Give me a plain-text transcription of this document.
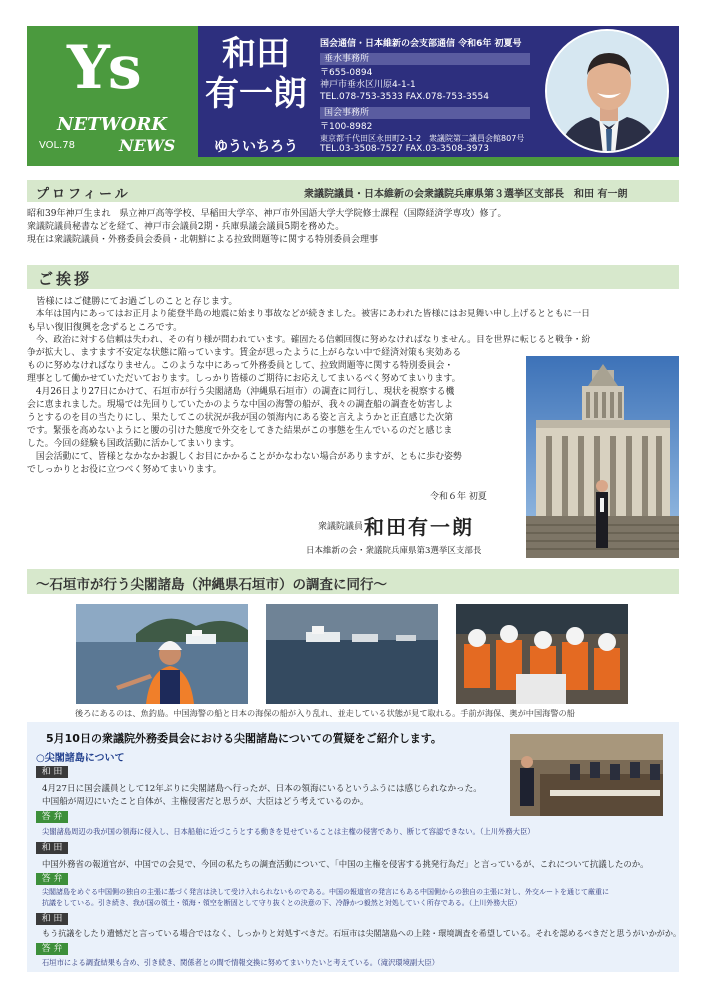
Ys
NETWORK
VOL.78	NEWS
和田
有一朗
ゆういちろう
国会通信・日本維新の会支部通信 令和6年 初夏号
垂水事務所
〒655-0894
神戸市垂水区川原4-1-1
TEL.078-753-3533 FAX.078-753-3554
国会事務所
〒100-8982
東京都千代田区永田町2-1-2　衆議院第二議員会館807号
TEL.03-3508-7527 FAX.03-3508-3973
プロフィール	衆議院議員・日本維新の会衆議院兵庫県第３選挙区支部長　和田 有一朗
昭和39年神戸生まれ　県立神戸高等学校、早稲田大学卒、神戸市外国語大学大学院修士課程（国際経済学専攻）修了。
衆議院議員秘書などを経て、神戸市会議員2期・兵庫県議会議員5期を務めた。
現在は衆議院議員・外務委員会委員・北朝鮮による拉致問題等に関する特別委員会理事
ご挨拶
　皆様にはご健勝にてお過ごしのことと存じます。
　本年は国内にあってはお正月より能登半島の地震に始まり事故などが続きました。被害にあわれた皆様にはお見舞い申し上げるとともに一日
も早い復旧復興を念ずるところです。
　今、政治に対する信頼は失われ、その有り様が問われています。確固たる信頼回復に努めなければなりません。目を世界に転じると戦争・紛
争が拡大し、ますます不安定な状態に陥っています。賃金が思ったように上がらない中で経済対策も実効ある
ものに努めなければなりません。このような中にあって外務委員として、拉致問題等に関する特別委員会・
理事として働かせていただいております。しっかり皆様のご期待にお応えしてまいるべく努めてまいります。
　4月26日より27日にかけて、石垣市が行う尖閣諸島（沖縄県石垣市）の調査に同行し、現状を視察する機
会に恵まれました。現場では先回りしていたかのような中国の海警の船が、我々の調査船の調査を妨害しよ
うとするのを目の当たりにし、果たしてこの状況が我が国の領海内にある姿と言えようかと正直感じた次第
です。緊張を高めないようにと腰の引けた態度で外交をしてきた結果がこの事態を生んでいるのだと感じま
した。今回の経験も国政活動に活かしてまいります。
　国会活動にて、皆様となかなかお親しくお目にかかることがかなわない場合がありますが、ともに歩む姿勢
でしっかりとお役に立つべく努めてまいります。
令和６年 初夏
衆議院議員 和田有一朗
日本維新の会・衆議院兵庫県第3選挙区支部長
〜石垣市が行う尖閣諸島（沖縄県石垣市）の調査に同行〜
後ろにあるのは、魚釣島。中国海警の船と日本の海保の船が入り乱れ、並走している状態が見て取れる。手前が海保、奥が中国海警の船
5月10日の衆議院外務委員会における尖閣諸島についての質疑をご紹介します。
○尖閣諸島について
和 田
4月27日に国会議員として12年ぶりに尖閣諸島へ行ったが、日本の領海にいるというふうには感じられなかった。
中国船が周辺にいたこと自体が、主権侵害だと思うが、大臣はどう考えているのか。
答 弁
尖閣諸島周辺の我が国の領海に侵入し、日本船舶に近づこうとする動きを見せていることは主権の侵害であり、断じて容認できない。（上川外務大臣）
和 田
中国外務省の報道官が、中国での会見で、今回の私たちの調査活動について、「中国の主権を侵害する挑発行為だ」と言っているが、これについて抗議したのか。
答 弁
尖閣諸島をめぐる中国側の独自の主張に基づく発言は決して受け入れられないものである。中国の報道官の発言にもある中国側からの独自の主張に対し、外交ルートを通じて厳重に
抗議をしている。引き続き、我が国の領土・領海・領空を断固として守り抜くとの決意の下、冷静かつ毅然と対処していく所存である。（上川外務大臣）
和 田
もう抗議をしたり遺憾だと言っている場合ではなく、しっかりと対処すべきだ。石垣市は尖閣諸島への上陸・環境調査を希望している。それを認めるべきだと思うがいかがか。
答 弁
石垣市による調査結果も含め、引き続き、関係者との間で情報交換に努めてまいりたいと考えている。（滝沢環境副大臣）
